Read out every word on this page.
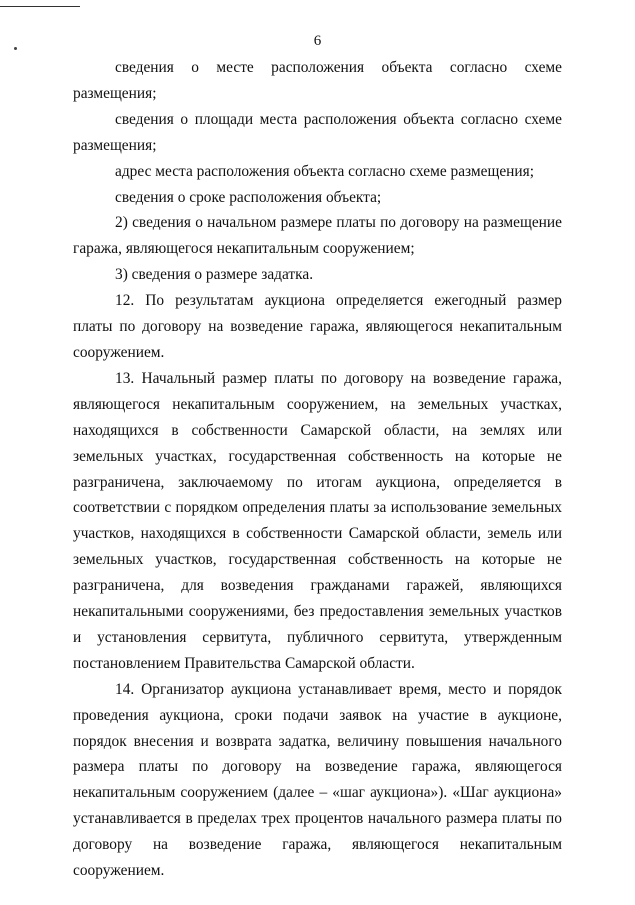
6

сведения о месте расположения объекта согласно схеме размещения;

сведения о площади места расположения объекта согласно схеме размещения;

адрес места расположения объекта согласно схеме размещения;

сведения о сроке расположения объекта;

2) сведения о начальном размере платы по договору на размещение гаража, являющегося некапитальным сооружением;

3) сведения о размере задатка.

12. По результатам аукциона определяется ежегодный размер платы по договору на возведение гаража, являющегося некапитальным сооружением.

13. Начальный размер платы по договору на возведение гаража, являющегося некапитальным сооружением, на земельных участках, находящихся в собственности Самарской области, на землях или земельных участках, государственная собственность на которые не разграничена, заключаемому по итогам аукциона, определяется в соответствии с порядком определения платы за использование земельных участков, находящихся в собственности Самарской области, земель или земельных участков, государственная собственность на которые не разграничена, для возведения гражданами гаражей, являющихся некапитальными сооружениями, без предоставления земельных участков и установления сервитута, публичного сервитута, утвержденным постановлением Правительства Самарской области.

14. Организатор аукциона устанавливает время, место и порядок проведения аукциона, сроки подачи заявок на участие в аукционе, порядок внесения и возврата задатка, величину повышения начального размера платы по договору на возведение гаража, являющегося некапитальным сооружением (далее – «шаг аукциона»). «Шаг аукциона» устанавливается в пределах трех процентов начального размера платы по договору на возведение гаража, являющегося некапитальным сооружением.
